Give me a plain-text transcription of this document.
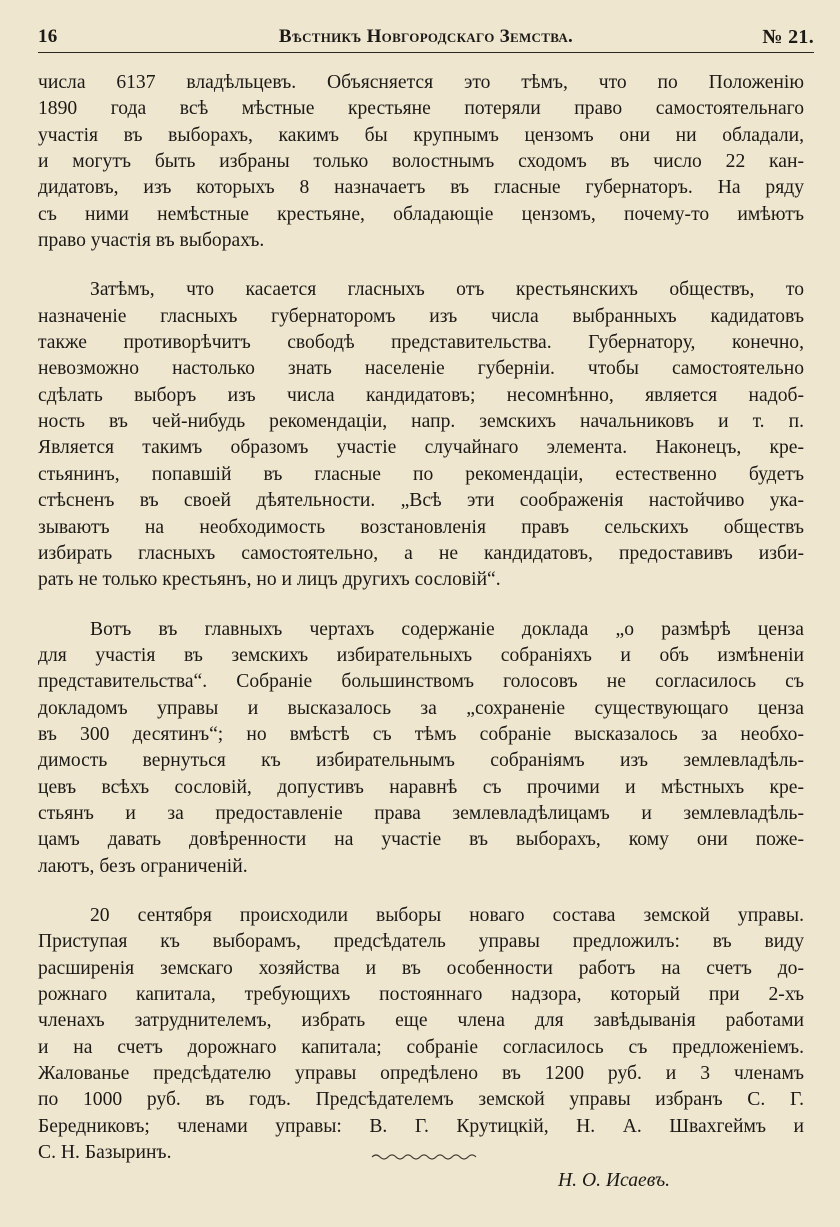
16	Вѣстникъ Новгородскаго Земства.	№ 21.
числа 6137 владѣльцевъ. Объясняется это тѣмъ, что по Положенію
1890 года всѣ мѣстные крестьяне потеряли право самостоятельнаго
участія въ выборахъ, какимъ бы крупнымъ цензомъ они ни обладали,
и могутъ быть избраны только волостнымъ сходомъ въ число 22 кан-
дидатовъ, изъ которыхъ 8 назначаетъ въ гласные губернаторъ. На ряду
съ ними немѣстные крестьяне, обладающіе цензомъ, почему-то имѣютъ
право участія въ выборахъ.
Затѣмъ, что касается гласныхъ отъ крестьянскихъ обществъ, то
назначеніе гласныхъ губернаторомъ изъ числа выбранныхъ кадидатовъ
также противорѣчитъ свободѣ представительства. Губернатору, конечно,
невозможно настолько знать населеніе губерніи. чтобы самостоятельно
сдѣлать выборъ изъ числа кандидатовъ; несомнѣнно, является надоб-
ность въ чей-нибудь рекомендаціи, напр. земскихъ начальниковъ и т. п.
Является такимъ образомъ участіе случайнаго элемента. Наконецъ, кре-
стьянинъ, попавшій въ гласные по рекомендаціи, естественно будетъ
стѣсненъ въ своей дѣятельности. „Всѣ эти соображенія настойчиво ука-
зываютъ на необходимость возстановленія правъ сельскихъ обществъ
избирать гласныхъ самостоятельно, а не кандидатовъ, предоставивъ изби-
рать не только крестьянъ, но и лицъ другихъ сословій“.
Вотъ въ главныхъ чертахъ содержаніе доклада „о размѣрѣ ценза
для участія въ земскихъ избирательныхъ собраніяхъ и объ измѣненіи
представительства“. Собраніе большинствомъ голосовъ не согласилось съ
докладомъ управы и высказалось за „сохраненіе существующаго ценза
въ 300 десятинъ“; но вмѣстѣ съ тѣмъ собраніе высказалось за необхо-
димость вернуться къ избирательнымъ собраніямъ изъ землевладѣль-
цевъ всѣхъ сословій, допустивъ наравнѣ съ прочими и мѣстныхъ кре-
стьянъ и за предоставленіе права землевладѣлицамъ и землевладѣль-
цамъ давать довѣренности на участіе въ выборахъ, кому они поже-
лаютъ, безъ ограниченій.
20 сентября происходили выборы новаго состава земской управы.
Приступая къ выборамъ, предсѣдатель управы предложилъ: въ виду
расширенія земскаго хозяйства и въ особенности работъ на счетъ до-
рожнаго капитала, требующихъ постояннаго надзора, который при 2-хъ
членахъ затруднителемъ, избрать еще члена для завѣдыванія работами
и на счетъ дорожнаго капитала; собраніе согласилось съ предложеніемъ.
Жалованье предсѣдателю управы опредѣлено въ 1200 руб. и 3 членамъ
по 1000 руб. въ годъ. Предсѣдателемъ земской управы избранъ С. Г.
Бередниковъ; членами управы: В. Г. Крутицкій, Н. А. Швахгеймъ и
С. Н. Базыринъ.
Н. О. Исаевъ.
